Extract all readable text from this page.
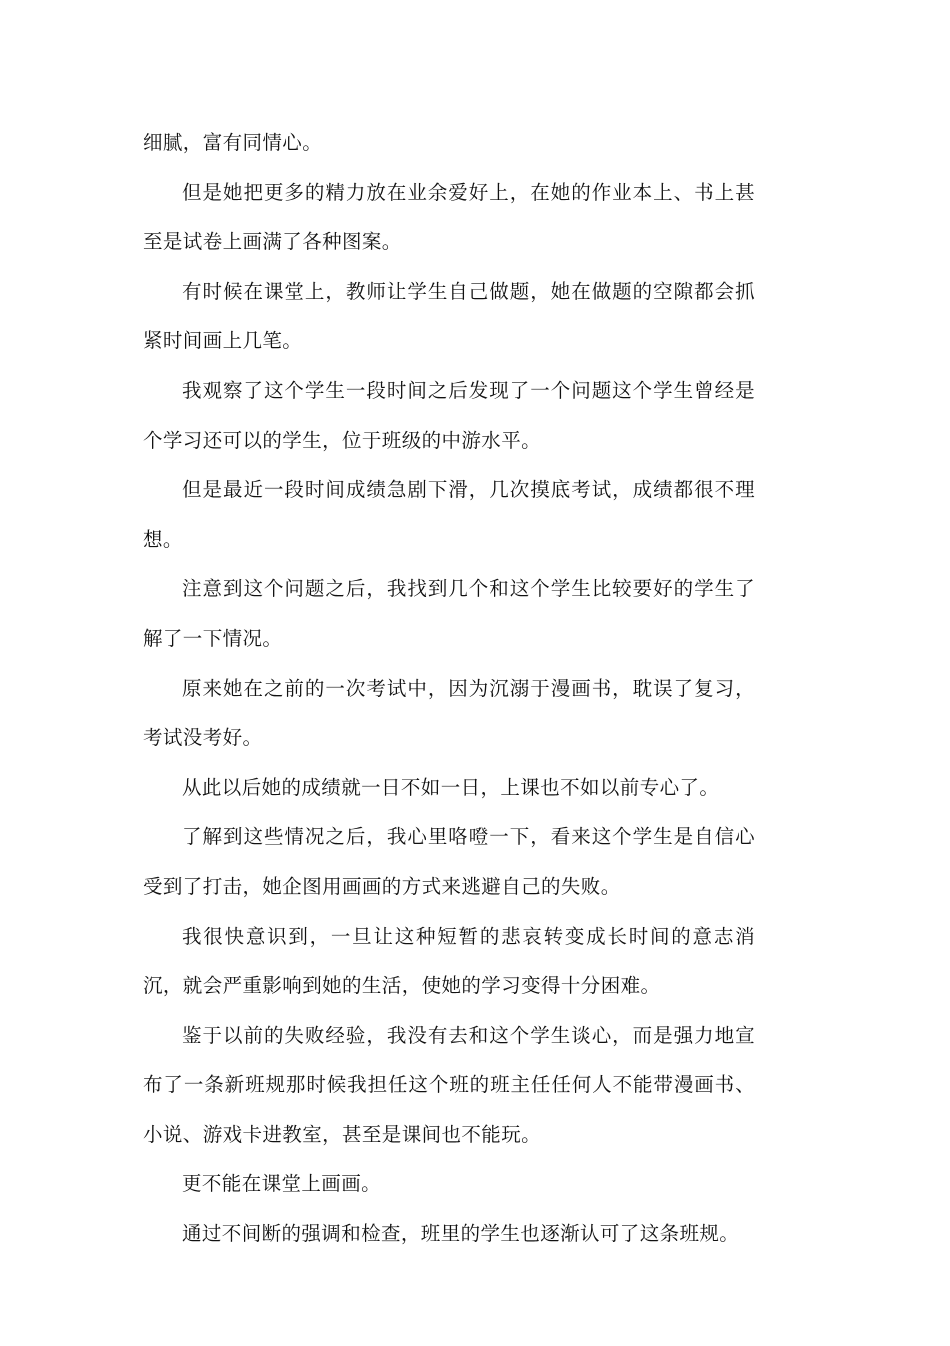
细腻，富有同情心。

但是她把更多的精力放在业余爱好上，在她的作业本上、书上甚至是试卷上画满了各种图案。

有时候在课堂上，教师让学生自己做题，她在做题的空隙都会抓紧时间画上几笔。

我观察了这个学生一段时间之后发现了一个问题这个学生曾经是个学习还可以的学生，位于班级的中游水平。

但是最近一段时间成绩急剧下滑，几次摸底考试，成绩都很不理想。

注意到这个问题之后，我找到几个和这个学生比较要好的学生了解了一下情况。

原来她在之前的一次考试中，因为沉溺于漫画书，耽误了复习，考试没考好。

从此以后她的成绩就一日不如一日，上课也不如以前专心了。

了解到这些情况之后，我心里咯噔一下，看来这个学生是自信心受到了打击，她企图用画画的方式来逃避自己的失败。

我很快意识到，一旦让这种短暂的悲哀转变成长时间的意志消沉，就会严重影响到她的生活，使她的学习变得十分困难。

鉴于以前的失败经验，我没有去和这个学生谈心，而是强力地宣布了一条新班规那时候我担任这个班的班主任任何人不能带漫画书、小说、游戏卡进教室，甚至是课间也不能玩。

更不能在课堂上画画。

通过不间断的强调和检查，班里的学生也逐渐认可了这条班规。
